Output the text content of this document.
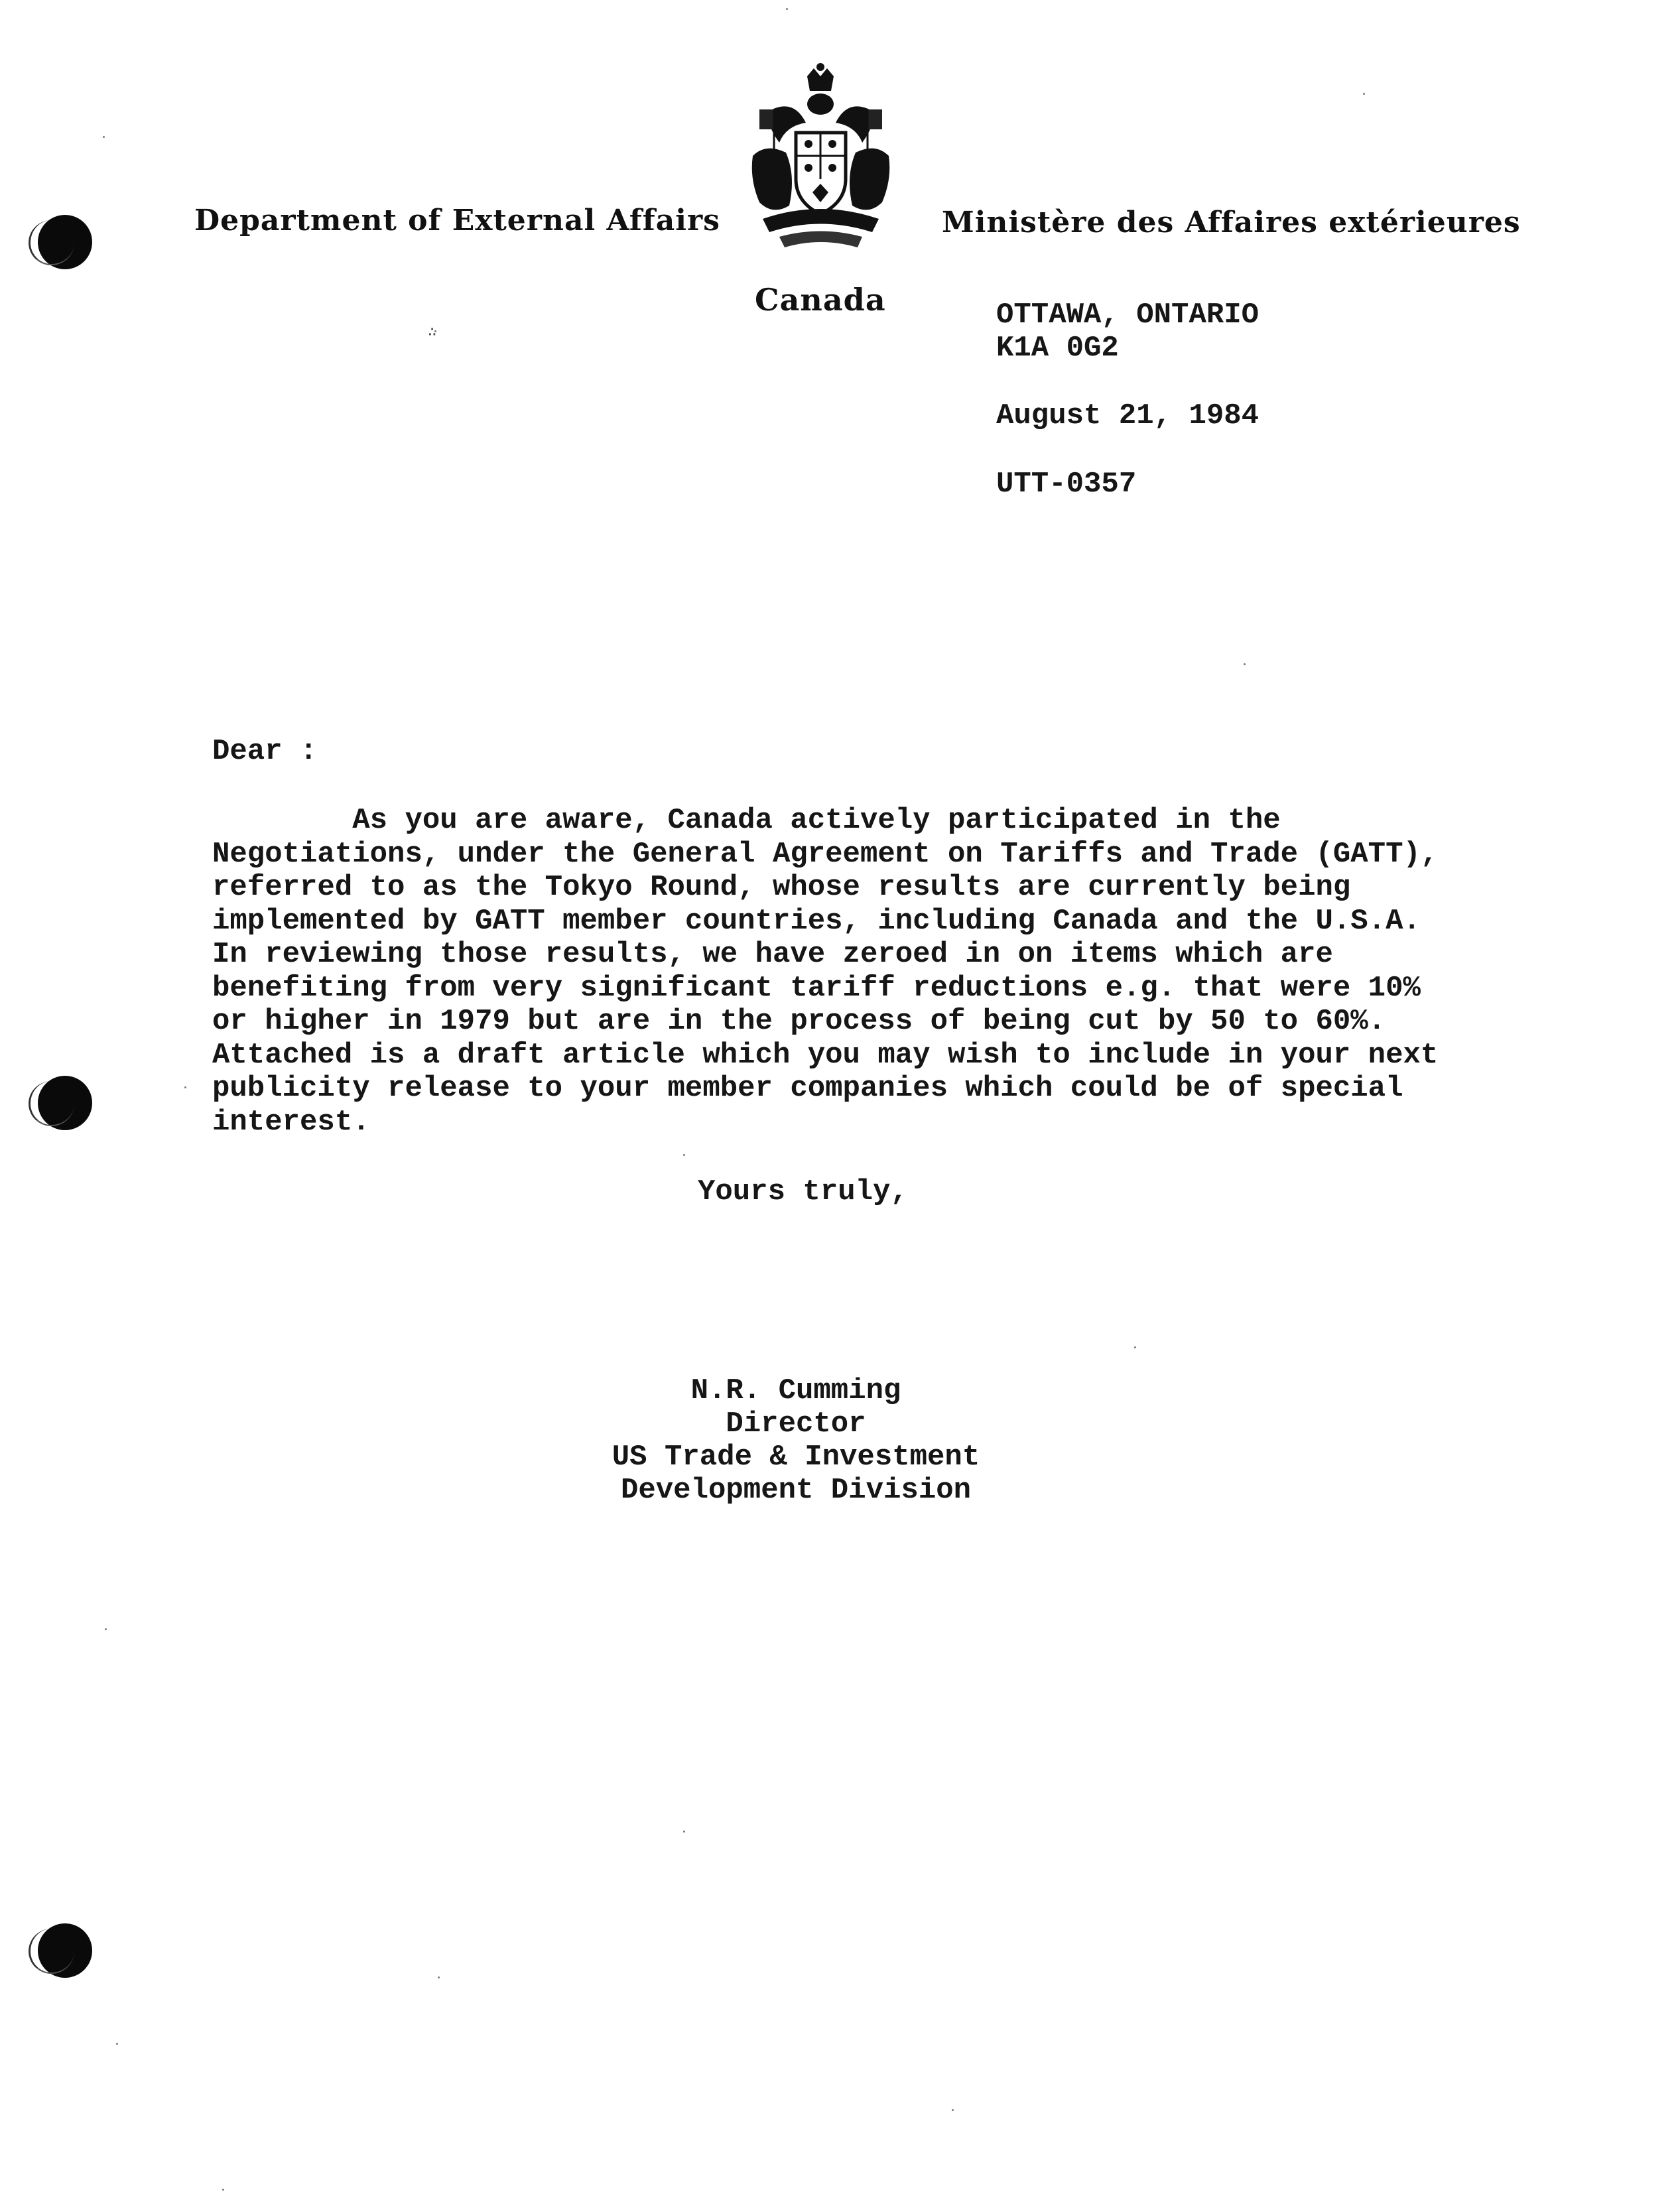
Department of External Affairs	Ministère des Affaires extérieures
Canada
∴
OTTAWA, ONTARIO
K1A 0G2
August 21, 1984
UTT-0357
Dear :
As you are aware, Canada actively participated in the
Negotiations, under the General Agreement on Tariffs and Trade (GATT),
referred to as the Tokyo Round, whose results are currently being
implemented by GATT member countries, including Canada and the U.S.A.
In reviewing those results, we have zeroed in on items which are
benefiting from very significant tariff reductions e.g. that were 10%
or higher in 1979 but are in the process of being cut by 50 to 60%.
Attached is a draft article which you may wish to include in your next
publicity release to your member companies which could be of special
interest.
Yours truly,
N.R. Cumming
Director
US Trade & Investment
Development Division
